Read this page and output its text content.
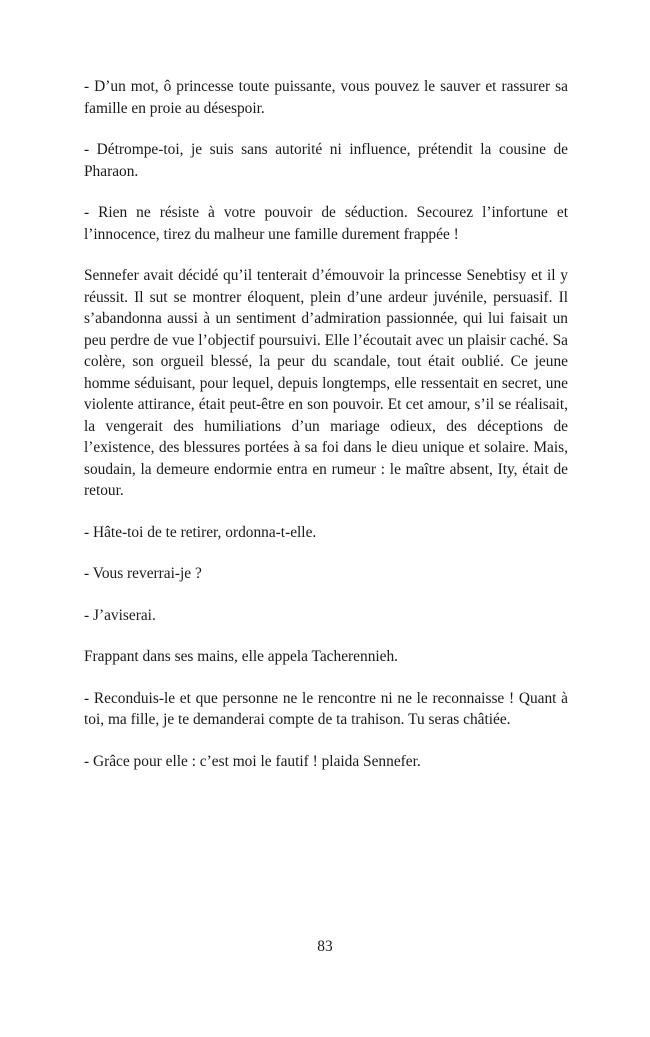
- D’un mot, ô princesse toute puissante, vous pouvez le sauver et rassurer sa famille en proie au désespoir.

- Détrompe-toi, je suis sans autorité ni influence, prétendit la cousine de Pharaon.

- Rien ne résiste à votre pouvoir de séduction. Secourez l’infortune et l’innocence, tirez du malheur une famille durement frappée !

Sennefer avait décidé qu’il tenterait d’émouvoir la princesse Senebtisy et il y réussit. Il sut se montrer éloquent, plein d’une ardeur juvénile, persuasif. Il s’abandonna aussi à un sentiment d’admiration passionnée, qui lui faisait un peu perdre de vue l’objectif poursuivi. Elle l’écoutait avec un plaisir caché. Sa colère, son orgueil blessé, la peur du scandale, tout était oublié. Ce jeune homme séduisant, pour lequel, depuis longtemps, elle ressentait en secret, une violente attirance, était peut-être en son pouvoir. Et cet amour, s’il se réalisait, la vengerait des humiliations d’un mariage odieux, des déceptions de l’existence, des blessures portées à sa foi dans le dieu unique et solaire. Mais, soudain, la demeure endormie entra en rumeur : le maître absent, Ity, était de retour.

- Hâte-toi de te retirer, ordonna-t-elle.

- Vous reverrai-je ?

- J’aviserai.

Frappant dans ses mains, elle appela Tacherennieh.

- Reconduis-le et que personne ne le rencontre ni ne le reconnaisse ! Quant à toi, ma fille, je te demanderai compte de ta trahison. Tu seras châtiée.

- Grâce pour elle : c’est moi le fautif ! plaida Sennefer.

83
